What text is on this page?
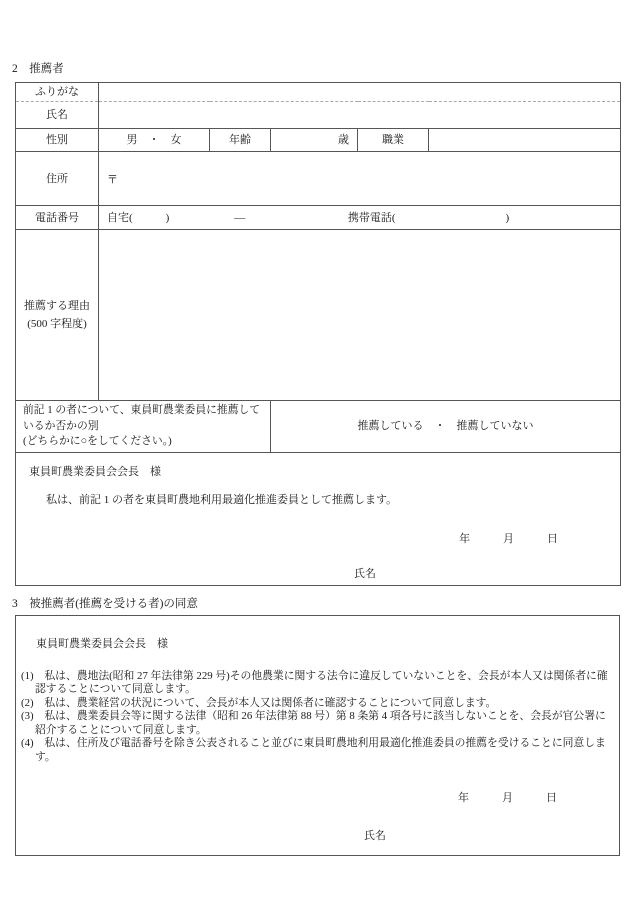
2　推薦者
ふりがな					
氏名					
性別	男　・　女	年齢	歳	職業	
住所	〒				
電話番号	自宅(　　　) — 携帯電話(　　　　　　　　　　)				

推薦する理由
(500 字程度)					

前記 1 の者について、東員町農業委員に推薦しているか否かの別
(どちらかに○をしてください。)			推薦している　・　推薦していない		

東員町農業委員会会長　様
私は、前記 1 の者を東員町農地利用最適化推進委員として推薦します。
年　　　月　　　日
氏名					
3　被推薦者(推薦を受ける者)の同意
東員町農業委員会会長　様
(1)　私は、農地法(昭和 27 年法律第 229 号)その他農業に関する法令に違反していないことを、会長が本人又は関係者に確認することについて同意します。
(2)　私は、農業経営の状況について、会長が本人又は関係者に確認することについて同意します。
(3)　私は、農業委員会等に関する法律（昭和 26 年法律第 88 号）第 8 条第 4 項各号に該当しないことを、会長が官公署に紹介することについて同意します。
(4)　私は、住所及び電話番号を除き公表されること並びに東員町農地利用最適化推進委員の推薦を受けることに同意します。
年　　　月　　　日
氏名
